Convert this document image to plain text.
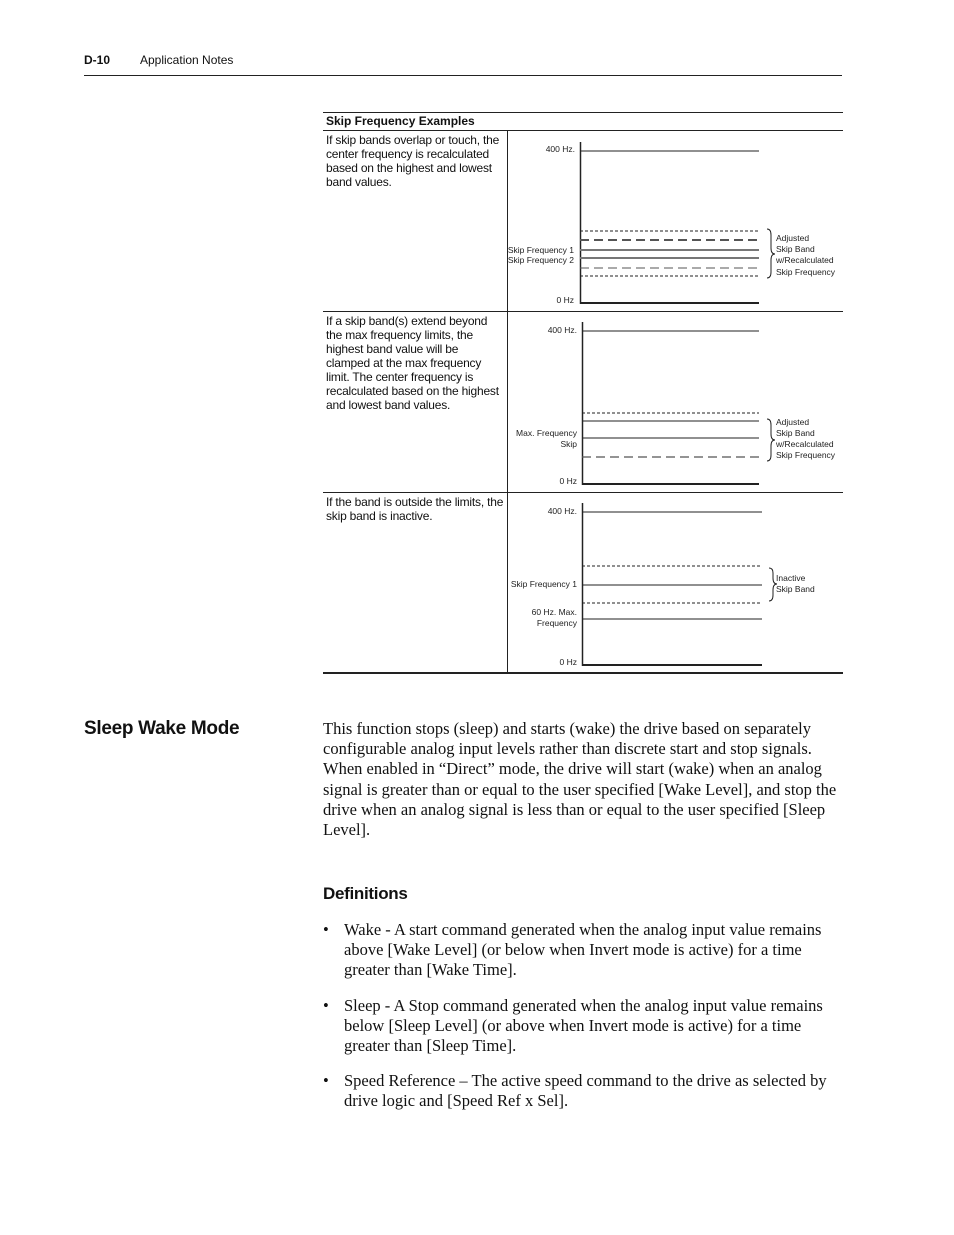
D-10 Application Notes
Skip Frequency Examples
If skip bands overlap or touch, the center frequency is recalculated based on the highest and lowest band values.
400 Hz.
Skip Frequency 1
Skip Frequency 2
0 Hz
Adjusted
Skip Band
w/Recalculated
Skip Frequency
If a skip band(s) extend beyond the max frequency limits, the highest band value will be clamped at the max frequency limit. The center frequency is recalculated based on the highest and lowest band values.
400 Hz.
Max. Frequency
Skip
0 Hz
Adjusted
Skip Band
w/Recalculated
Skip Frequency
If the band is outside the limits, the skip band is inactive.	400 Hz.
Skip Frequency 1
60 Hz. Max.
Frequency
0 Hz
Inactive
Skip Band
Sleep Wake Mode	This function stops (sleep) and starts (wake) the drive based on separately configurable analog input levels rather than discrete start and stop signals. When enabled in “Direct” mode, the drive will start (wake) when an analog signal is greater than or equal to the user specified [Wake Level], and stop the drive when an analog signal is less than or equal to the user specified [Sleep Level].

Definitions
• Wake - A start command generated when the analog input value remains above [Wake Level] (or below when Invert mode is active) for a time greater than [Wake Time].
• Sleep - A Stop command generated when the analog input value remains below [Sleep Level] (or above when Invert mode is active) for a time greater than [Sleep Time].
• Speed Reference – The active speed command to the drive as selected by drive logic and [Speed Ref x Sel].
